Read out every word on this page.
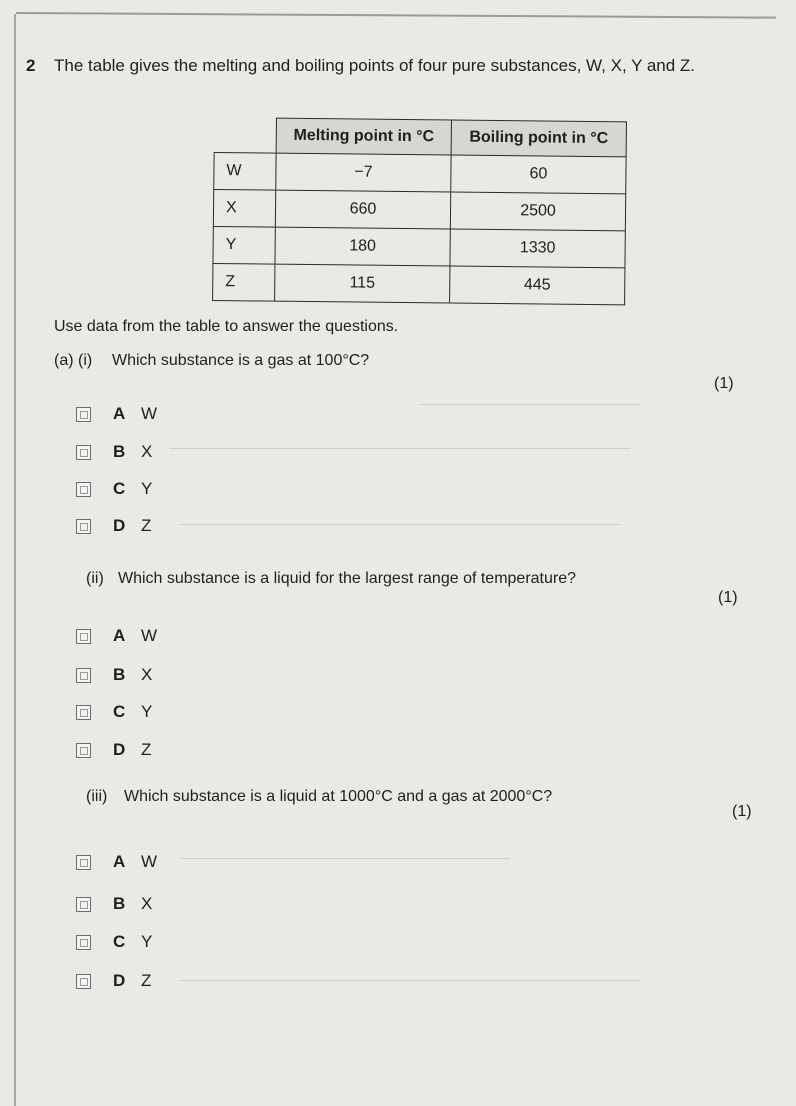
2 The table gives the melting and boiling points of four pure substances, W, X, Y and Z.
	Melting point in °C	Boiling point in °C
W	−7	60
X	660	2500
Y	180	1330
Z	115	445
Use data from the table to answer the questions.
(a) (i) Which substance is a gas at 100°C?
(1)
A W
B X
C Y
D Z
(ii) Which substance is a liquid for the largest range of temperature?
(1)
A W
B X
C Y
D Z
(iii) Which substance is a liquid at 1000°C and a gas at 2000°C?
(1)
A W
B X
C Y
D Z
